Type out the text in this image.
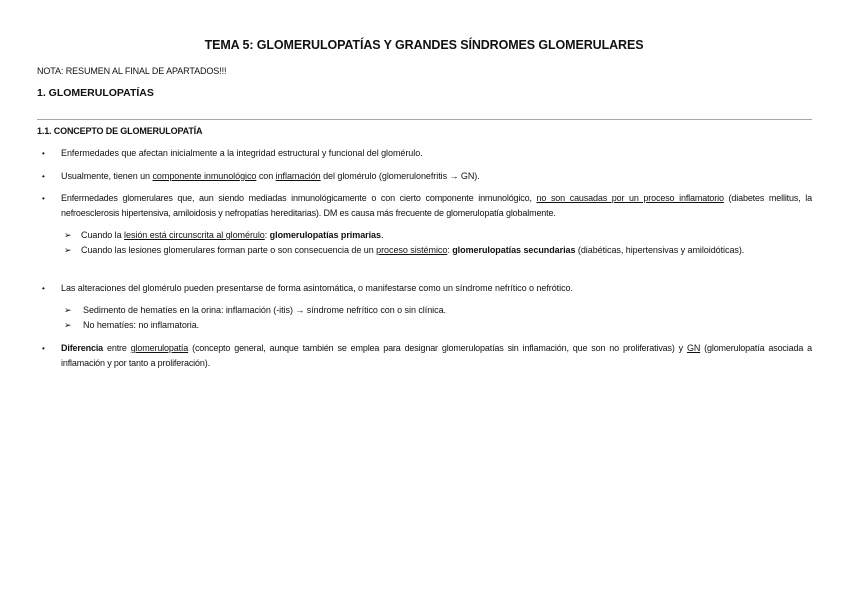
TEMA 5: GLOMERULOPATÍAS Y GRANDES SÍNDROMES GLOMERULARES
NOTA: RESUMEN AL FINAL DE APARTADOS!!!
1. GLOMERULOPATÍAS
1.1. CONCEPTO DE GLOMERULOPATÍA
• Enfermedades que afectan inicialmente a la integridad estructural y funcional del glomérulo.
• Usualmente, tienen un componente inmunológico con inflamación del glomérulo (glomerulonefritis → GN).
• Enfermedades glomerulares que, aun siendo mediadas inmunológicamente o con cierto componente inmunológico, no son causadas por un proceso inflamatorio (diabetes mellitus, la nefroesclerosis hipertensiva, amiloidosis y nefropatías hereditarias). DM es causa más frecuente de glomerulopatía globalmente.
➢ Cuando la lesión está circunscrita al glomérulo: glomerulopatías primarias.
➢ Cuando las lesiones glomerulares forman parte o son consecuencia de un proceso sistémico: glomerulopatías secundarias (diabéticas, hipertensivas y amiloidóticas).
• Las alteraciones del glomérulo pueden presentarse de forma asintomática, o manifestarse como un síndrome nefrítico o nefrótico.
➢ Sedimento de hematíes en la orina: inflamación (-itis) → síndrome nefrítico con o sin clínica.
➢ No hematíes: no inflamatoria.
• Diferencia entre glomerulopatía (concepto general, aunque también se emplea para designar glomerulopatías sin inflamación, que son no proliferativas) y GN (glomerulopatía asociada a inflamación y por tanto a proliferación).
